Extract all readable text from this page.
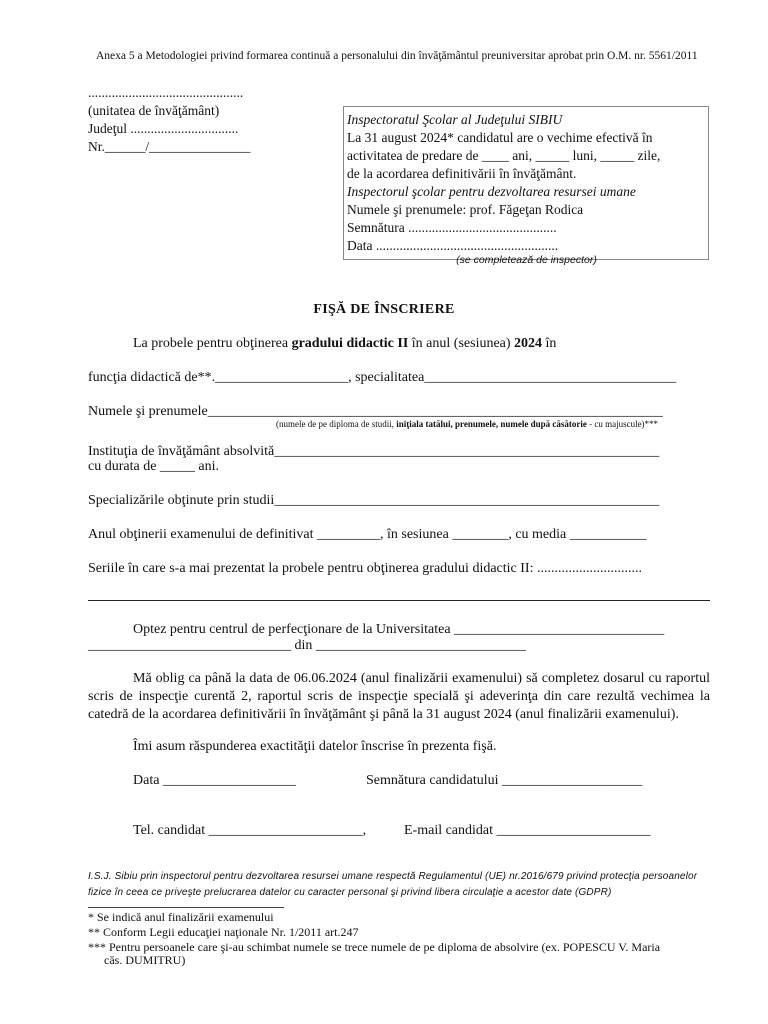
Anexa 5 a Metodologiei privind formarea continuă a personalului din învăţământul preuniversitar aprobat prin O.M. nr. 5561/2011
..............................................
(unitatea de învăţământ)
Judeţul ................................
Nr.______/_______________
Inspectoratul Şcolar al Judeţului SIBIU
La 31 august 2024* candidatul are o vechime efectivă în
activitatea de predare de ____ ani, _____ luni, _____ zile,
de la acordarea definitivării în învăţământ.
Inspectorul şcolar pentru dezvoltarea resursei umane
Numele şi prenumele: prof. Făgeţan Rodica
Semnătura ............................................
Data ......................................................
(se completează de inspector)
FIŞĂ DE ÎNSCRIERE
La probele pentru obţinerea gradului didactic II în anul (sesiunea) 2024 în
funcţia didactică de**.___________________, specialitatea____________________________________
Numele şi prenumele_________________________________________________________________
(numele de pe diploma de studii, iniţiala tatălui, prenumele, numele după căsătorie - cu majuscule)***
Instituţia de învăţământ absolvită_______________________________________________________
cu durata de _____ ani.
Specializările obţinute prin studii_______________________________________________________
Anul obţinerii examenului de definitivat _________, în sesiunea ________, cu media ___________
Seriile în care s-a mai prezentat la probele pentru obţinerea gradului didactic II: ..............................
Optez pentru centrul de perfecţionare de la Universitatea ______________________________
_____________________________ din ______________________________
Mă oblig ca până la data de 06.06.2024 (anul finalizării examenului) să completez dosarul cu raportul scris de inspecţie curentă 2, raportul scris de inspecţie specială şi adeverinţa din care rezultă vechimea la catedră de la acordarea definitivării în învăţământ şi până la 31 august 2024 (anul finalizării examenului).
Îmi asum răspunderea exactităţii datelor înscrise în prezenta fişă.
Data ___________________	Semnătura candidatului ____________________
Tel. candidat ______________________,	E-mail candidat ______________________
I.S.J. Sibiu prin inspectorul pentru dezvoltarea resursei umane respectă Regulamentul (UE) nr.2016/679 privind protecţia persoanelor fizice în ceea ce priveşte prelucrarea datelor cu caracter personal şi privind libera circulaţie a acestor date (GDPR)
* Se indică anul finalizării examenului
** Conform Legii educaţiei naţionale Nr. 1/2011 art.247
*** Pentru persoanele care şi-au schimbat numele se trece numele de pe diploma de absolvire (ex. POPESCU V. Maria
căs. DUMITRU)
